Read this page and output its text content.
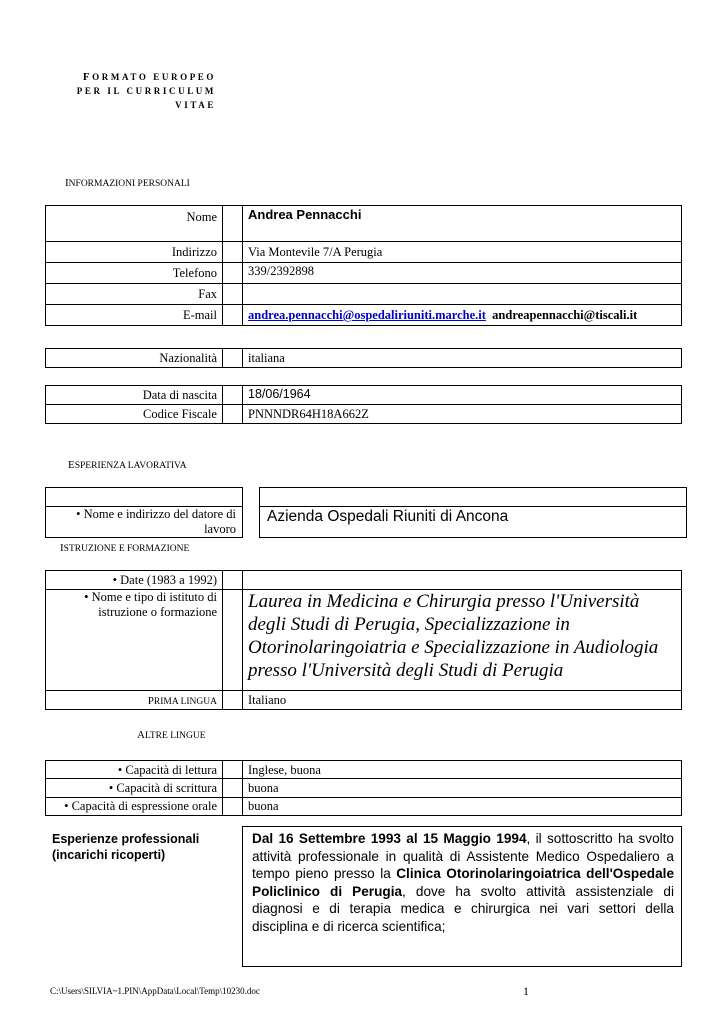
FORMATO EUROPEO
PER IL CURRICULUM
VITAE
INFORMAZIONI PERSONALI
Nome Andrea Pennacchi
Indirizzo Via Montevile 7/A Perugia
Telefono 339/2392898
Fax
E-mail andrea.pennacchi@ospedaliriuniti.marche.it andreapennacchi@tiscali.it
Nazionalità italiana
Data di nascita 18/06/1964
Codice Fiscale PNNNDR64H18A662Z
ESPERIENZA LAVORATIVA
• Nome e indirizzo del datore di
lavoro
Azienda Ospedali Riuniti di Ancona
ISTRUZIONE E FORMAZIONE
• Date (1983 a 1992)
• Nome e tipo di istituto di
istruzione o formazione Laurea in Medicina e Chirurgia presso l'Università
degli Studi di Perugia, Specializzazione in
Otorinolaringoiatria e Specializzazione in Audiologia
presso l'Università degli Studi di Perugia
PRIMA LINGUA Italiano
ALTRE LINGUE
• Capacità di lettura Inglese, buona
• Capacità di scrittura buona
• Capacità di espressione orale buona
Esperienze professionali
(incarichi ricoperti)
Dal 16 Settembre 1993 al 15 Maggio 1994, il sottoscritto ha svolto attività professionale in qualità di Assistente Medico Ospedaliero a tempo pieno presso la Clinica Otorinolaringoiatrica dell'Ospedale Policlinico di Perugia, dove ha svolto attività assistenziale di diagnosi e di terapia medica e chirurgica nei vari settori della disciplina e di ricerca scientifica;
C:\Users\SILVIA~1.PIN\AppData\Local\Temp\10230.doc	1
